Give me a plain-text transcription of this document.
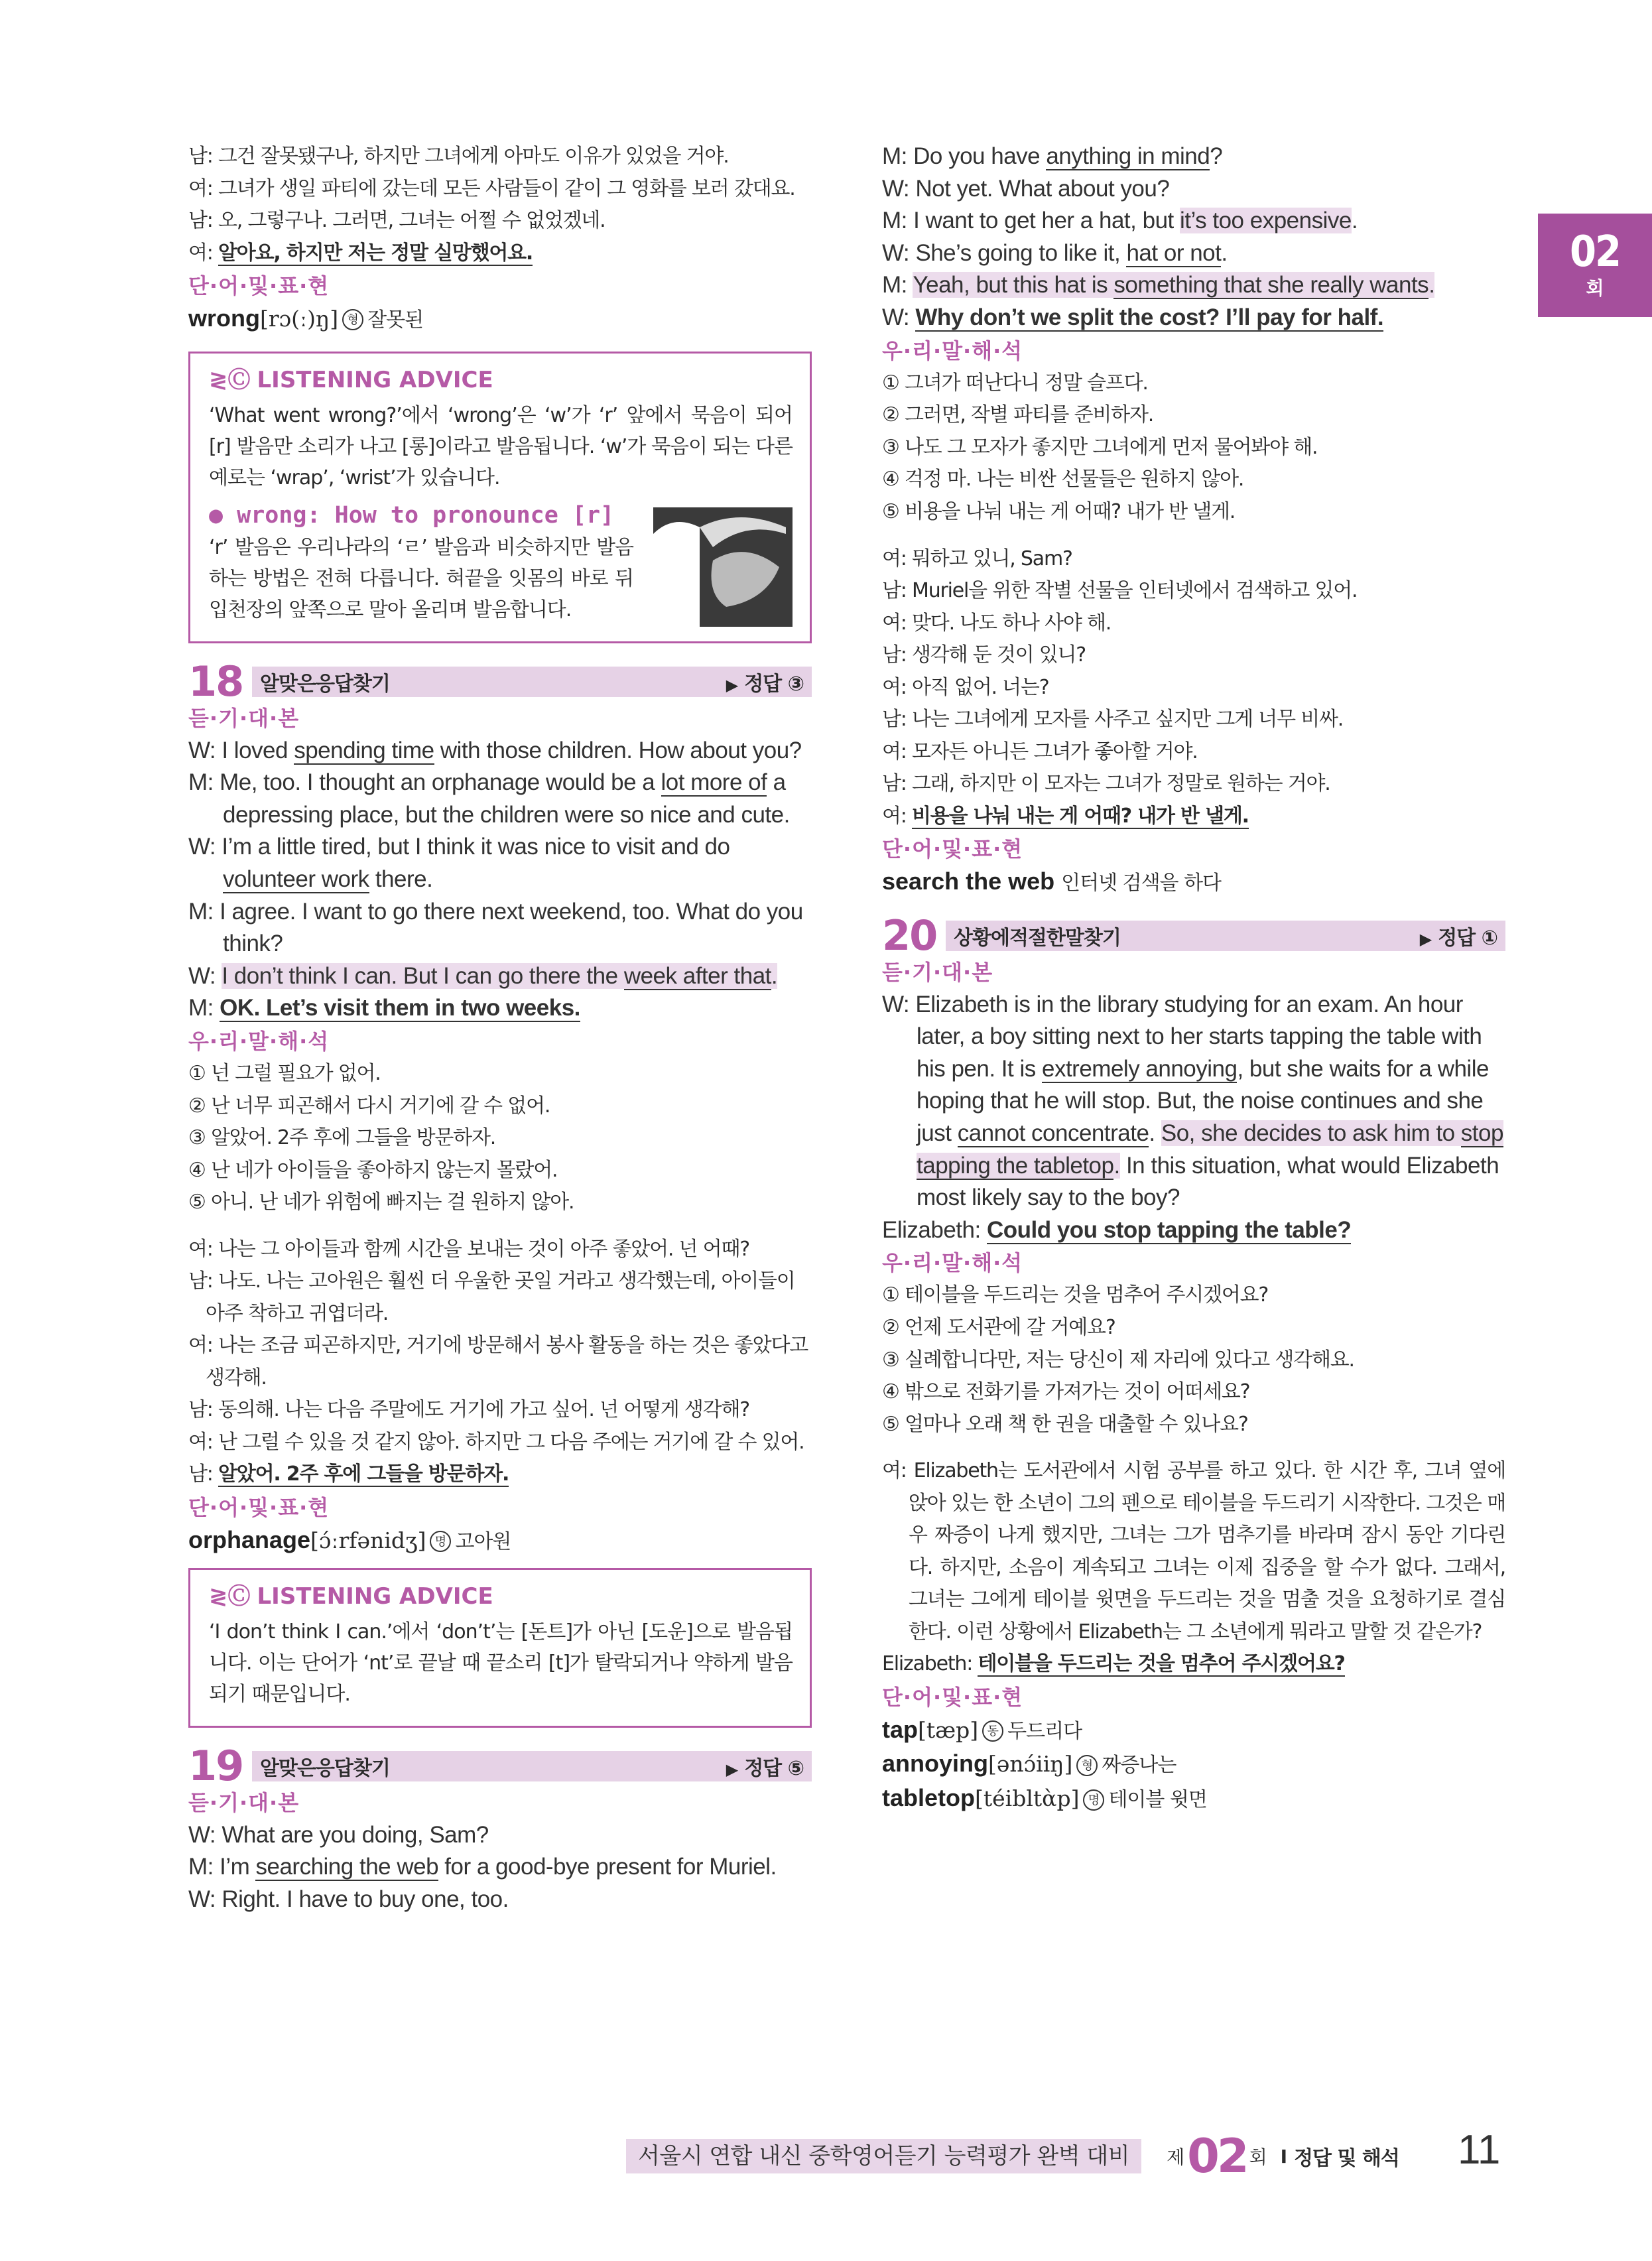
02
회
남: 그건 잘못됐구나, 하지만 그녀에게 아마도 이유가 있었을 거야.
여: 그녀가 생일 파티에 갔는데 모든 사람들이 같이 그 영화를 보러 갔대요.
남: 오, 그렇구나. 그러면, 그녀는 어쩔 수 없었겠네.
여: 알아요, 하지만 저는 정말 실망했어요.
단·어·및·표·현
wrong[rɔ(ː)ŋ] 형 잘못된
≷Ⓒ LISTENING ADVICE

‘What went wrong?’에서 ‘wrong’은 ‘w’가 ‘r’ 앞에서 묵음이 되어 [r] 발음만 소리가 나고 [롱]이라고 발음됩니다. ‘w’가 묵음이 되는 다른 예로는 ‘wrap’, ‘wrist’가 있습니다.

● wrong: How to pronounce [r]

‘r’ 발음은 우리나라의 ‘ㄹ’ 발음과 비슷하지만 발음하는 방법은 전혀 다릅니다. 혀끝을 잇몸의 바로 뒤 입천장의 앞쪽으로 말아 올리며 발음합니다.

18 알맞은응답찾기	▶ 정답 ③
듣·기·대·본
W: I loved spending time with those children. How about you?
M: Me, too. I thought an orphanage would be a lot more of a depressing place, but the children were so nice and cute.
W: I’m a little tired, but I think it was nice to visit and do volunteer work there.
M: I agree. I want to go there next weekend, too. What do you think?
W: I don’t think I can. But I can go there the week after that.
M: OK. Let’s visit them in two weeks.
우·리·말·해·석
① 넌 그럴 필요가 없어.
② 난 너무 피곤해서 다시 거기에 갈 수 없어.
③ 알았어. 2주 후에 그들을 방문하자.
④ 난 네가 아이들을 좋아하지 않는지 몰랐어.
⑤ 아니. 난 네가 위험에 빠지는 걸 원하지 않아.
여: 나는 그 아이들과 함께 시간을 보내는 것이 아주 좋았어. 넌 어때?
남: 나도. 나는 고아원은 훨씬 더 우울한 곳일 거라고 생각했는데, 아이들이 아주 착하고 귀엽더라.
여: 나는 조금 피곤하지만, 거기에 방문해서 봉사 활동을 하는 것은 좋았다고 생각해.
남: 동의해. 나는 다음 주말에도 거기에 가고 싶어. 넌 어떻게 생각해?
여: 난 그럴 수 있을 것 같지 않아. 하지만 그 다음 주에는 거기에 갈 수 있어.
남: 알았어. 2주 후에 그들을 방문하자.
단·어·및·표·현
orphanage[ɔ́ːrfənidʒ] 명 고아원
≷Ⓒ LISTENING ADVICE

‘I don’t think I can.’에서 ‘don’t’는 [돈트]가 아닌 [도운]으로 발음됩니다. 이는 단어가 ‘nt’로 끝날 때 끝소리 [t]가 탈락되거나 약하게 발음되기 때문입니다.

19 알맞은응답찾기	▶ 정답 ⑤
듣·기·대·본
W: What are you doing, Sam?
M: I’m searching the web for a good-bye present for Muriel.
W: Right. I have to buy one, too.
M: Do you have anything in mind?
W: Not yet. What about you?
M: I want to get her a hat, but it’s too expensive.
W: She’s going to like it, hat or not.
M: Yeah, but this hat is something that she really wants.
W: Why don’t we split the cost? I’ll pay for half.
우·리·말·해·석
① 그녀가 떠난다니 정말 슬프다.
② 그러면, 작별 파티를 준비하자.
③ 나도 그 모자가 좋지만 그녀에게 먼저 물어봐야 해.
④ 걱정 마. 나는 비싼 선물들은 원하지 않아.
⑤ 비용을 나눠 내는 게 어때? 내가 반 낼게.
여: 뭐하고 있니, Sam?
남: Muriel을 위한 작별 선물을 인터넷에서 검색하고 있어.
여: 맞다. 나도 하나 사야 해.
남: 생각해 둔 것이 있니?
여: 아직 없어. 너는?
남: 나는 그녀에게 모자를 사주고 싶지만 그게 너무 비싸.
여: 모자든 아니든 그녀가 좋아할 거야.
남: 그래, 하지만 이 모자는 그녀가 정말로 원하는 거야.
여: 비용을 나눠 내는 게 어때? 내가 반 낼게.
단·어·및·표·현
search the web 인터넷 검색을 하다
20 상황에적절한말찾기	▶ 정답 ①
듣·기·대·본
W: Elizabeth is in the library studying for an exam. An hour later, a boy sitting next to her starts tapping the table with his pen. It is extremely annoying, but she waits for a while hoping that he will stop. But, the noise continues and she just cannot concentrate. So, she decides to ask him to stop tapping the tabletop. In this situation, what would Elizabeth most likely say to the boy?
Elizabeth: Could you stop tapping the table?
우·리·말·해·석
① 테이블을 두드리는 것을 멈추어 주시겠어요?
② 언제 도서관에 갈 거예요?
③ 실례합니다만, 저는 당신이 제 자리에 있다고 생각해요.
④ 밖으로 전화기를 가져가는 것이 어떠세요?
⑤ 얼마나 오래 책 한 권을 대출할 수 있나요?
여: Elizabeth는 도서관에서 시험 공부를 하고 있다. 한 시간 후, 그녀 옆에 앉아 있는 한 소년이 그의 펜으로 테이블을 두드리기 시작한다. 그것은 매우 짜증이 나게 했지만, 그녀는 그가 멈추기를 바라며 잠시 동안 기다린다. 하지만, 소음이 계속되고 그녀는 이제 집중을 할 수가 없다. 그래서, 그녀는 그에게 테이블 윗면을 두드리는 것을 멈출 것을 요청하기로 결심한다. 이런 상황에서 Elizabeth는 그 소년에게 뭐라고 말할 것 같은가?
Elizabeth: 테이블을 두드리는 것을 멈추어 주시겠어요?
단·어·및·표·현
tap[tæp] 동 두드리다
annoying[ənɔ́iiŋ] 형 짜증나는
tabletop[téibltὰp] 명 테이블 윗면
서울시 연합 내신 중학영어듣기 능력평가 완벽 대비	제 02 회 I 정답 및 해석 11
